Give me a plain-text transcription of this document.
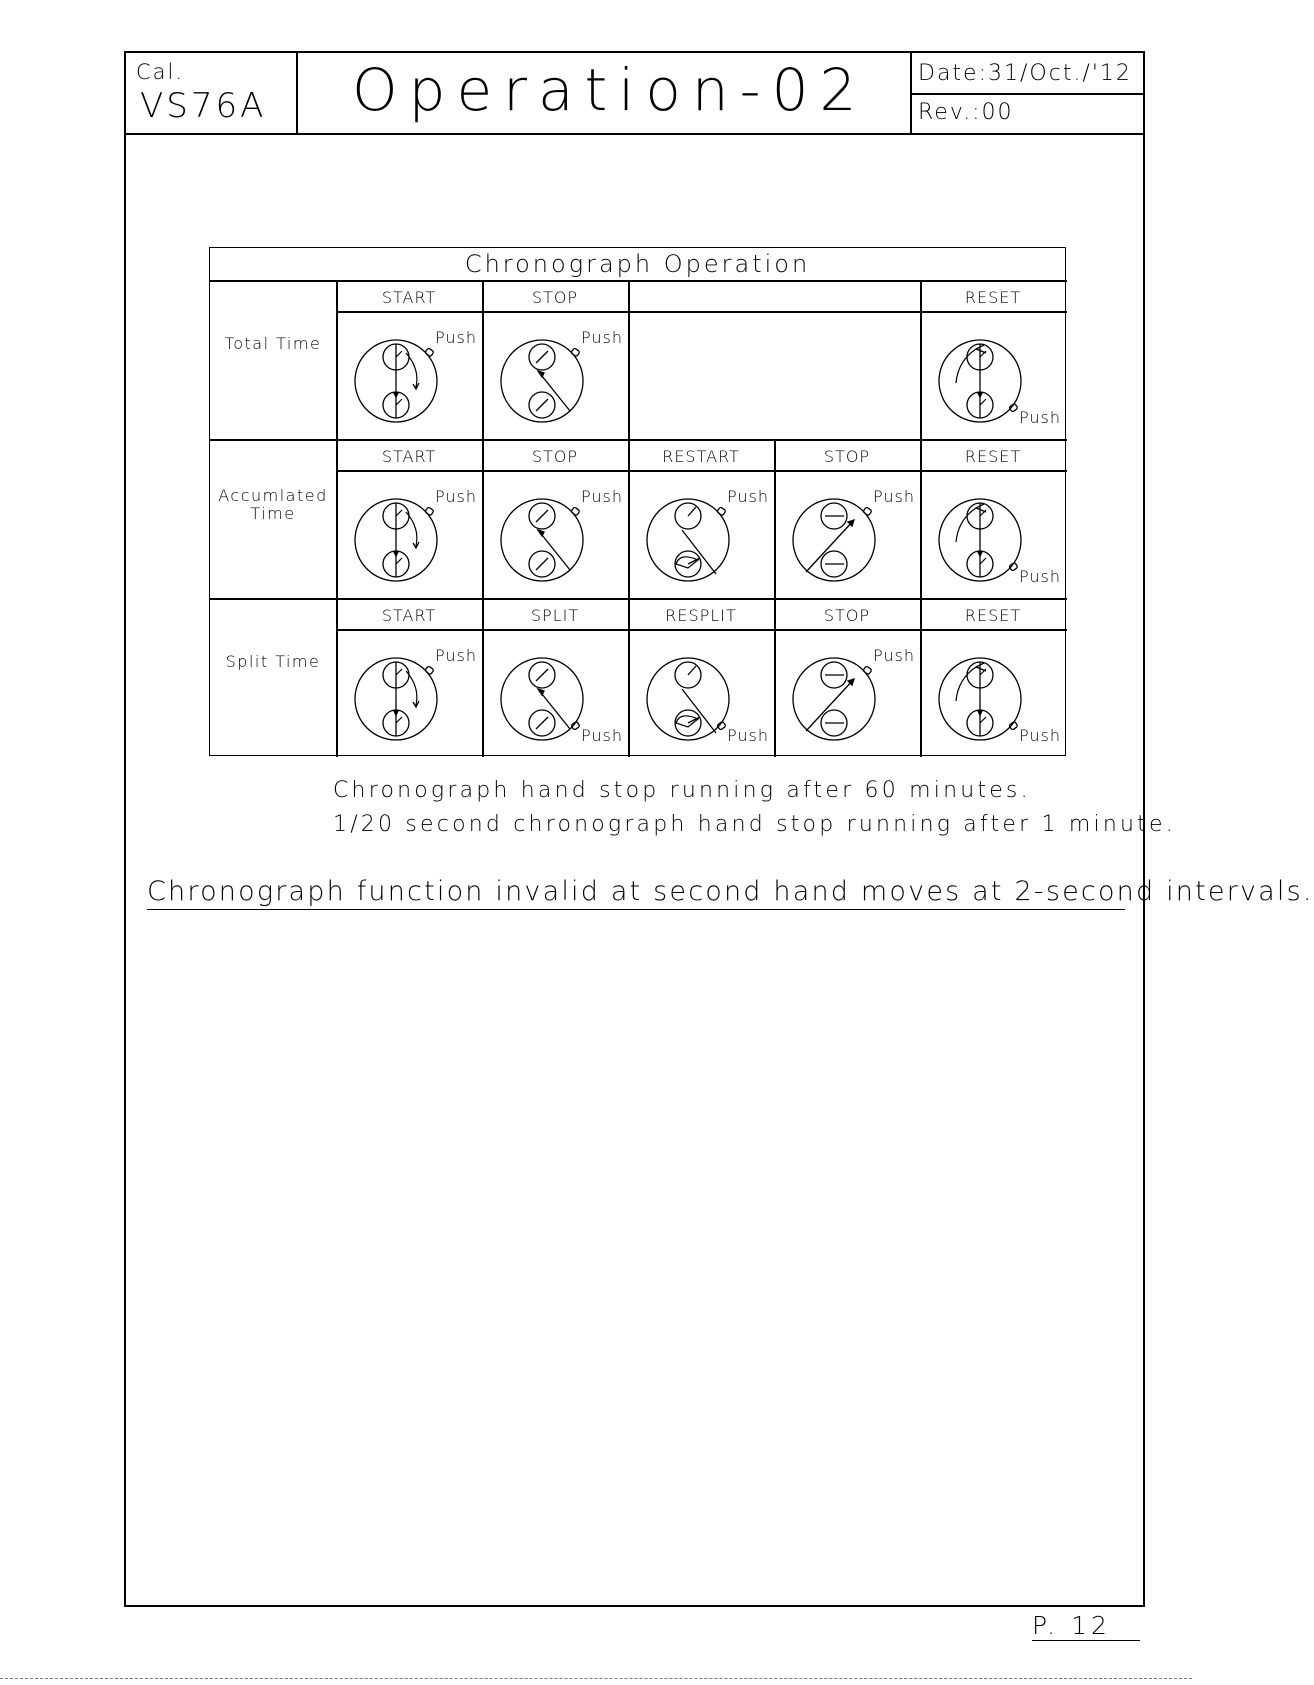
Cal.
VS76A Operation-02 Date:31/Oct./'12
Rev.:00
Chronograph Operation
Total Time
START
Push
STOP
Push
RESET
Push
Accumlated
Time
START
Push
STOP
Push
RESTART
Push
STOP
Push
RESET
Push
Split Time
START
Push
SPLIT
Push
RESPLIT
Push
STOP
Push
RESET
Push
Chronograph hand stop running after 60 minutes.
1/20 second chronograph hand stop running after 1 minute.
Chronograph function invalid at second hand moves at 2-second intervals.
P. 12
